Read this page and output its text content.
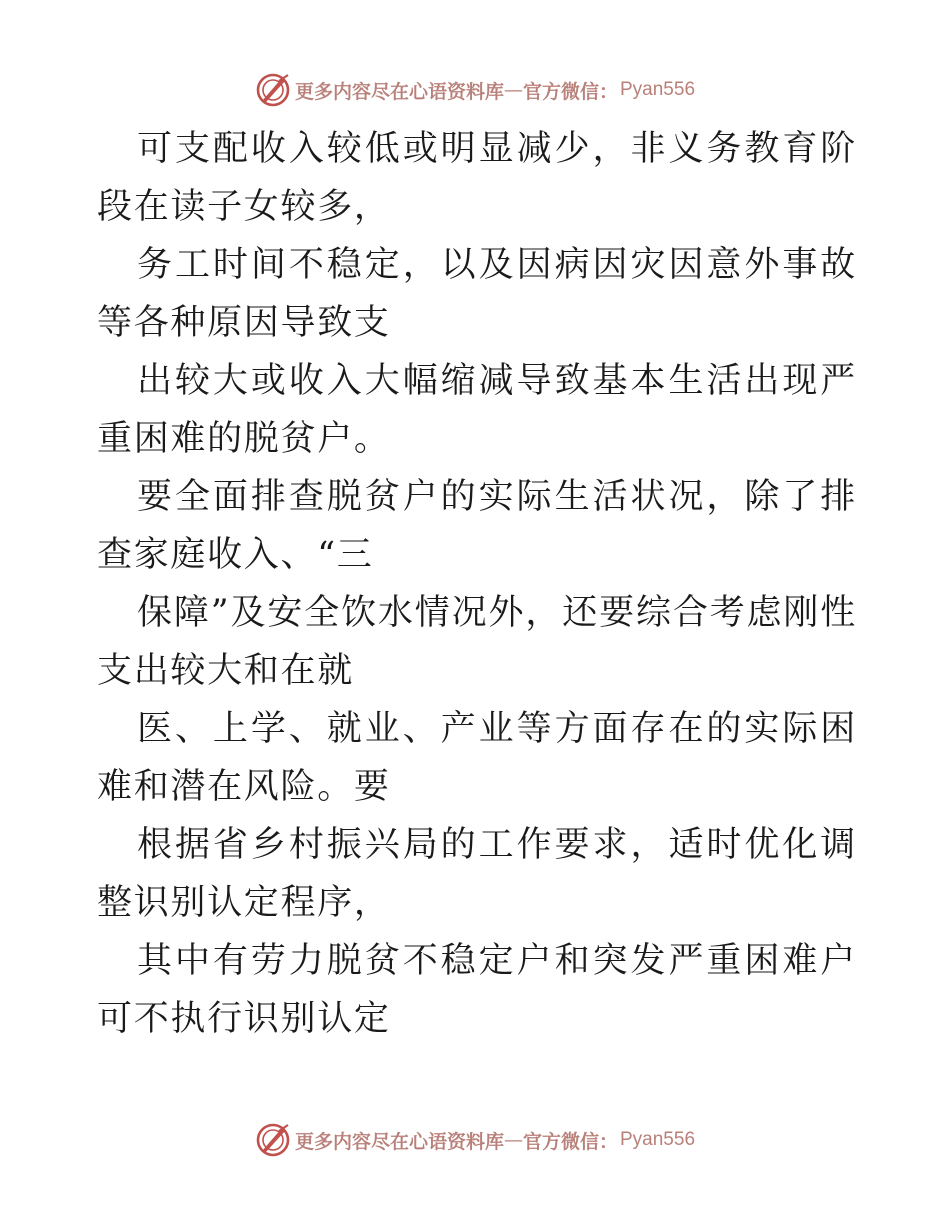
更多内容尽在心语资料库 — 官方微信： Pyan556

可支配收入较低或明显减少，非义务教育阶段在读子女较多，

务工时间不稳定，以及因病因灾因意外事故等各种原因导致支

出较大或收入大幅缩减导致基本生活出现严重困难的脱贫户。

要全面排查脱贫户的实际生活状况，除了排查家庭收入、“三

保障”及安全饮水情况外，还要综合考虑刚性支出较大和在就

医、上学、就业、产业等方面存在的实际困难和潜在风险。要

根据省乡村振兴局的工作要求，适时优化调整识别认定程序，

其中有劳力脱贫不稳定户和突发严重困难户可不执行识别认定

更多内容尽在心语资料库 — 官方微信： Pyan556
